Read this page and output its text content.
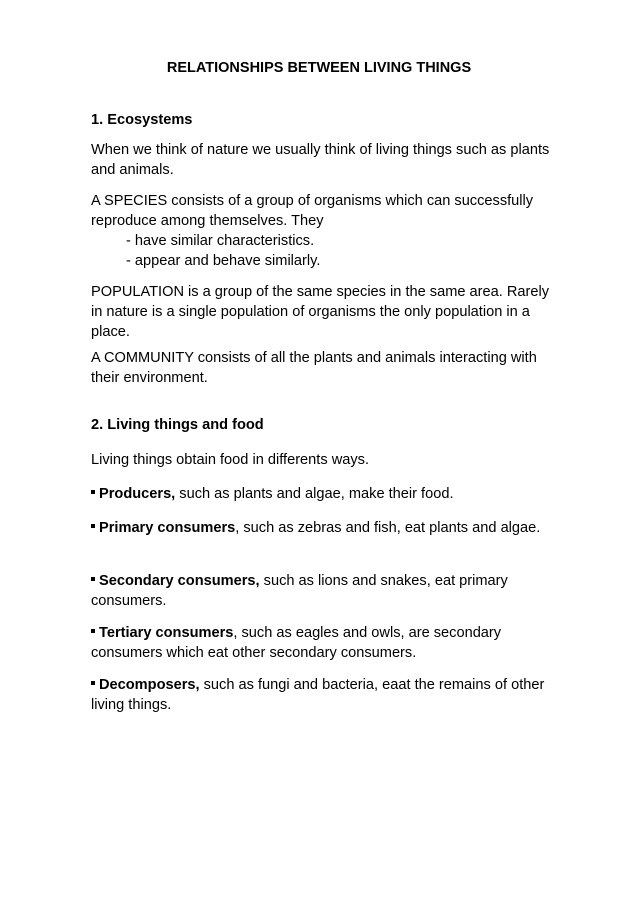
RELATIONSHIPS BETWEEN LIVING THINGS

1. Ecosystems

When we think of nature we usually think of living things such as plants and animals.

A SPECIES consists of a group of organisms which can successfully reproduce among themselves. They
- have similar characteristics.
- appear and behave similarly.

POPULATION is a group of the same species in the same area. Rarely in nature is a single population of organisms the only population in a place.

A COMMUNITY consists of all the plants and animals interacting with their environment.

2. Living things and food

Living things obtain food in differents ways.

Producers, such as plants and algae, make their food.

Primary consumers, such as zebras and fish, eat plants and algae.

Secondary consumers, such as lions and snakes, eat primary consumers.

Tertiary consumers, such as eagles and owls, are secondary consumers which eat other secondary consumers.

Decomposers, such as fungi and bacteria, eaat the remains of other living things.
